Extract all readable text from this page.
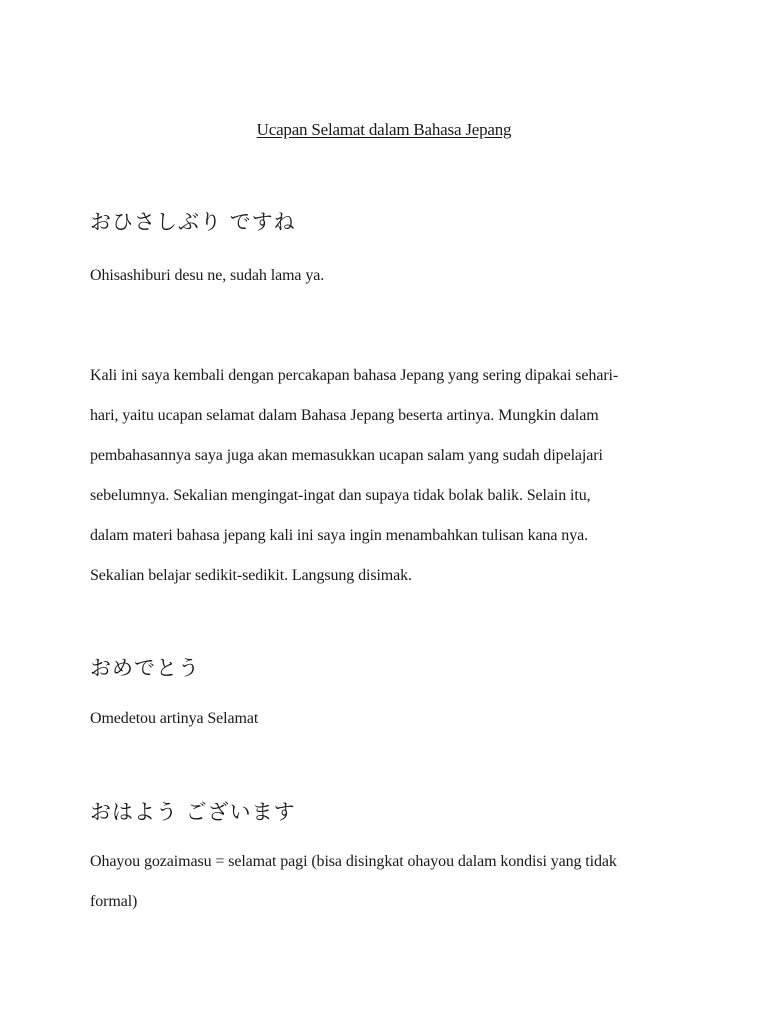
Ucapan Selamat dalam Bahasa Jepang
おひさしぶり ですね
Ohisashiburi desu ne, sudah lama ya.
Kali ini saya kembali dengan percakapan bahasa Jepang yang sering dipakai sehari-
hari, yaitu ucapan selamat dalam Bahasa Jepang beserta artinya. Mungkin dalam
pembahasannya saya juga akan memasukkan ucapan salam yang sudah dipelajari
sebelumnya. Sekalian mengingat-ingat dan supaya tidak bolak balik. Selain itu,
dalam materi bahasa jepang kali ini saya ingin menambahkan tulisan kana nya.
Sekalian belajar sedikit-sedikit. Langsung disimak.
おめでとう
Omedetou artinya Selamat
おはよう ございます
Ohayou gozaimasu = selamat pagi (bisa disingkat ohayou dalam kondisi yang tidak
formal)
